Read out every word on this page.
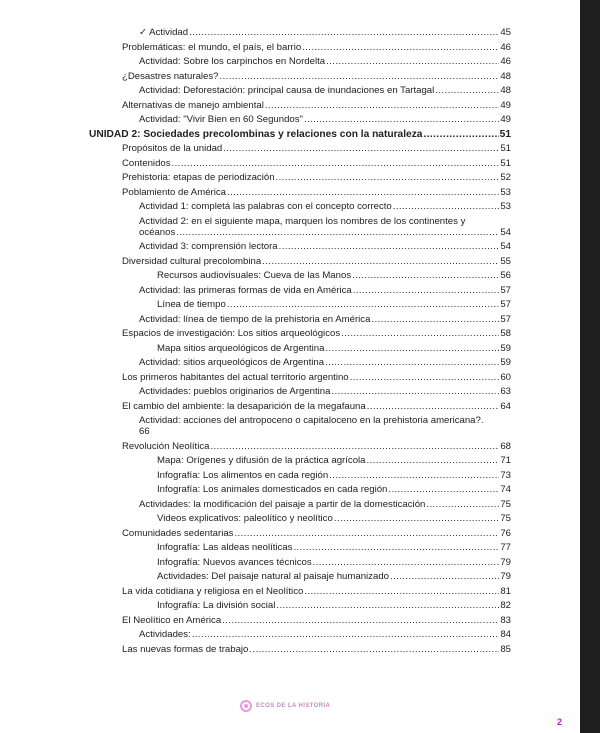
✓ Actividad .....	45
Problemáticas: el mundo, el país, el barrio .....	46
Actividad: Sobre los carpinchos en Nordelta .....	46
¿Desastres naturales? .....	48
Actividad: Deforestación: principal causa de inundaciones en Tartagal .....	48
Alternativas de manejo ambiental .....	49
Actividad: "Vivir Bien en 60 Segundos" .....	49
UNIDAD 2: Sociedades precolombinas y relaciones con la naturaleza .....	51
Propósitos de la unidad .....	51
Contenidos .....	51
Prehistoria: etapas de periodización .....	52
Poblamiento de América .....	53
Actividad 1: completá las palabras con el concepto correcto .....	53
Actividad 2: en el siguiente mapa, marquen los nombres de los continentes y
océanos .....	54
Actividad 3: comprensión lectora .....	54
Diversidad cultural precolombina .....	55
Recursos audiovisuales: Cueva de las Manos .....	56
Actividad: las primeras formas de vida en América .....	57
Línea de tiempo .....	57
Actividad: línea de tiempo de la prehistoria en América .....	57
Espacios de investigación: Los sitios arqueológicos .....	58
Mapa sitios arqueológicos de Argentina .....	59
Actividad: sitios arqueológicos de Argentina .....	59
Los primeros habitantes del actual territorio argentino .....	60
Actividades: pueblos originarios de Argentina .....	63
El cambio del ambiente: la desaparición de la megafauna .....	64
Actividad: acciones del antropoceno o capitaloceno en la prehistoria americana?.
66
Revolución Neolítica .....	68
Mapa: Orígenes y difusión de la práctica agrícola .....	71
Infografía: Los alimentos en cada región .....	73
Infografía: Los animales domesticados en cada región .....	74
Actividades: la modificación del paisaje a partir de la domesticación .....	75
Videos explicativos: paleolítico y neolítico .....	75
Comunidades sedentarias .....	76
Infografía: Las aldeas neolíticas .....	77
Infografía: Nuevos avances técnicos .....	79
Actividades: Del paisaje natural al paisaje humanizado .....	79
La vida cotidiana y religiosa en el Neolítico .....	81
Infografía: La división social .....	82
El Neolítico en América .....	83
Actividades: .....	84
Las nuevas formas de trabajo .....	85
ECOS DE LA HISTORIA
2
